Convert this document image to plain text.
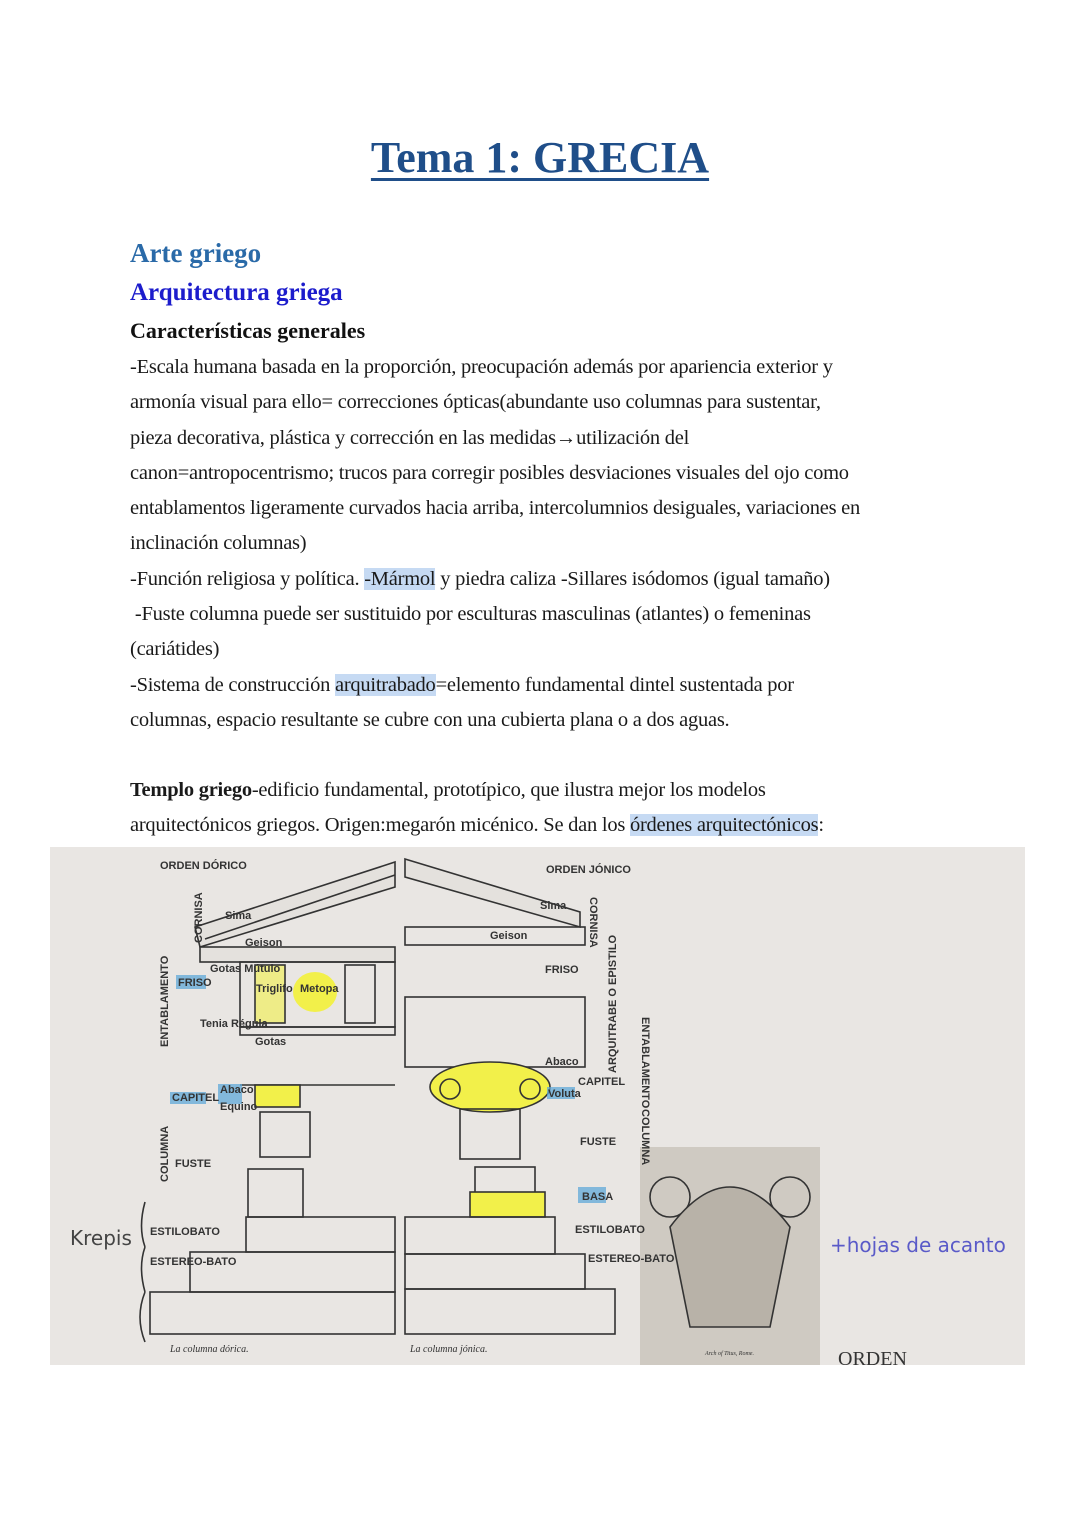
Tema 1: GRECIA
Arte griego
Arquitectura griega
Características generales
-Escala humana basada en la proporción, preocupación además por apariencia exterior y
armonía visual para ello= correcciones ópticas(abundante uso columnas para sustentar,
pieza decorativa, plástica y corrección en las medidas→utilización del
canon=antropocentrismo; trucos para corregir posibles desviaciones visuales del ojo como
entablamentos ligeramente curvados hacia arriba, intercolumnios desiguales, variaciones en
inclinación columnas)
-Función religiosa y política. -Mármol y piedra caliza -Sillares isódomos (igual tamaño)
-Fuste columna puede ser sustituido por esculturas masculinas (atlantes) o femeninas
(cariátides)
-Sistema de construcción arquitrabado=elemento fundamental dintel sustentada por
columnas, espacio resultante se cubre con una cubierta plana o a dos aguas.
Templo griego-edificio fundamental, prototípico, que ilustra mejor los modelos
arquitectónicos griegos. Origen:megarón micénico. Se dan los órdenes arquitectónicos:
ORDEN DÓRICO	ORDEN JÓNICO
Sima
Sima
Geison
Geison
Gotas Mútulo
Triglifo Metopa
FRISO
FRISO
Tenia Régula
Gotas
Abaco
Abaco
Equino
CAPITEL
CAPITEL
Voluta
FUSTE
FUSTE
BASA
ESTILOBATO	ESTILOBATO
ESTEREO-BATO	ESTEREO-BATO
ENTABLAMENTO
ENTABLAMENTO
ARQUITRABE O EPISTILO
CORNISA	CORNISA
COLUMNA	COLUMNA
Krepis	+hojas de acanto
La columna dórica.	La columna jónica.	Arch of Titus, Rome.	ORDEN
